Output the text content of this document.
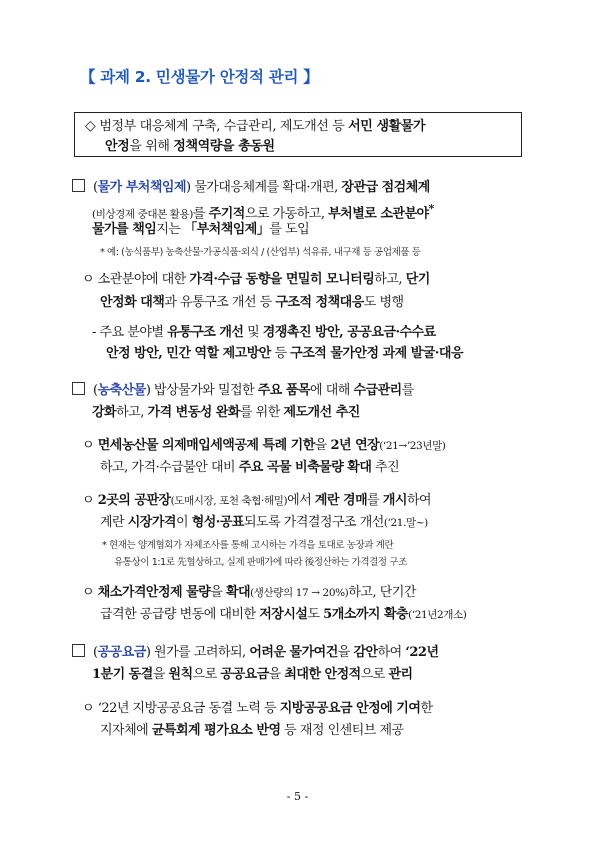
【 과제 2. 민생물가 안정적 관리 】
◇ 범정부 대응체계 구축, 수급관리, 제도개선 등 서민 생활물가
안정을 위해 정책역량을 총동원
(물가 부처책임제) 물가대응체계를 확대·개편, 장관급 점검체계
(비상경제 중대본 활용)를 주기적으로 가동하고, 부처별로 소관분야*
물가를 책임지는 「부처책임제」를 도입
* 예: (농식품부) 농축산물·가공식품·외식 / (산업부) 석유류, 내구재 등 공업제품 등
ㅇ 소관분야에 대한 가격·수급 동향을 면밀히 모니터링하고, 단기
안정화 대책과 유통구조 개선 등 구조적 정책대응도 병행
- 주요 분야별 유통구조 개선 및 경쟁촉진 방안, 공공요금·수수료
안정 방안, 민간 역할 제고방안 등 구조적 물가안정 과제 발굴·대응
(농축산물) 밥상물가와 밀접한 주요 품목에 대해 수급관리를
강화하고, 가격 변동성 완화를 위한 제도개선 추진
ㅇ 면세농산물 의제매입세액공제 특례 기한을 2년 연장(‘21→’23년말)
하고, 가격·수급불안 대비 주요 곡물 비축물량 확대 추진
ㅇ 2곳의 공판장(도매시장, 포천 축협·해밀)에서 계란 경매를 개시하여
계란 시장가격이 형성·공표되도록 가격결정구조 개선(‘21.말~)
* 현재는 양계협회가 자체조사를 통해 고시하는 가격을 토대로 농장과 계란
유통상이 1:1로 先협상하고, 실제 판매가에 따라 後정산하는 가격결정 구조
ㅇ 채소가격안정제 물량을 확대(생산량의 17 → 20%)하고, 단기간
급격한 공급량 변동에 대비한 저장시설도 5개소까지 확충(‘21년2개소)
(공공요금) 원가를 고려하되, 어려운 물가여건을 감안하여 ‘22년
1분기 동결을 원칙으로 공공요금을 최대한 안정적으로 관리
ㅇ ‘22년 지방공공요금 동결 노력 등 지방공공요금 안정에 기여한
지자체에 균특회계 평가요소 반영 등 재정 인센티브 제공
- 5 -
